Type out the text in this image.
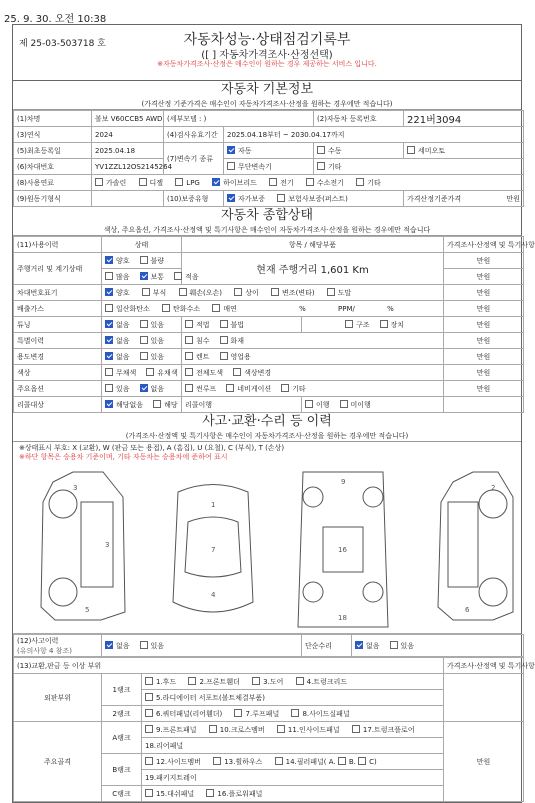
25. 9. 30. 오전 10:38
제 25-03-503718 호	자동차성능·상태점검기록부
([ ] 자동차가격조사·산정선택)
※자동차가격조사·산정은 매수인이 원하는 경우 제공하는 서비스 입니다.
자동차 기본정보
(가격산정 기준가격은 매수인이 자동차가격조사·산정을 원하는 경우에만 적습니다)
(1)차명	볼보 V60CCB5 AWD	(세부모델 : )		(2)자동차 등록번호	221버3094
(3)연식	2024	(4)검사유효기간	2025.04.18부터 ~ 2030.04.17까지		
(5)최초등록일	2025.04.18	(7)변속기 종류	자동	수동	세미오토
(6)차대번호	YV1ZZL12OS2145264		무단변속기	기타	
(8)사용연료	가솔린 디젤 LPG 하이브리드 전기 수소전기 기타				
(9)원동기형식		(10)보증유형	자가보증 보험사보증(퍼스트)		가격산정기준가격 만원
자동차 종합상태
색상, 주요옵션, 가격조사·산정액 및 특기사항은 매수인이 자동차가격조사·산정을 원하는 경우에만 적습니다
(11)사용이력	상태	항목 / 해당부품		가격조사·산정액 및 특기사항
주행거리 및 계기상태	양호 불량	현재 주행거리 1,601 Km		만원
	많음 보통 적음			만원
차대번호표기	양호 부식 훼손(오손) 상이 변조(변타) 도말			만원
배출가스	일산화탄소 탄화수소 매연 % PPM/ %			만원
튜닝	없음 있음	적법 불법	구조 장치	만원
특별이력	없음 있음	침수 화재		만원
용도변경	없음 있음	렌트 영업용		만원
색상	무채색 유채색	전체도색 색상변경		만원
주요옵션	있음 없음	썬루프 네비게이션 기타		만원
리콜대상	해당없음 해당	리콜이행	이행 미이행	
사고·교환·수리 등 이력
(가격조사·산정액 및 특기사항은 매수인이 자동차가격조사·산정을 원하는 경우에만 적습니다)
※상태표시 부호: X (교환), W (판금 또는 용접), A (흠집), U (요철), C (부식), T (손상)
※하단 항목은 승용차 기준이며, 기타 자동차는 승용차에 준하여 표시
3
3
5
1
7
4
9
16
18
2
6
(12)사고이력
(유의사항 4 참조)
	없음	있음	단순수리	없음	있음
(13)교환,판금 등 이상 부위			가격조사·산정액 및 특기사항
외판부위	1랭크	1.후드 2.프론트휀더 3.도어 4.트렁크리드	
		5.라디에이터 서포트(볼트체결부품)	
	2랭크	6.쿼터패널(리어휀더) 7.루프패널 8.사이드실패널	
주요골격	A랭크	9.프론트패널 10.크로스멤버 11.인사이드패널 17.트렁크플로어	만원
		18.리어패널	
	B랭크	12.사이드멤버 13.휠하우스 14.필러패널( A. B. C)	
		19.패키지트레이	
	C랭크	15.대쉬패널 16.플로워패널	
